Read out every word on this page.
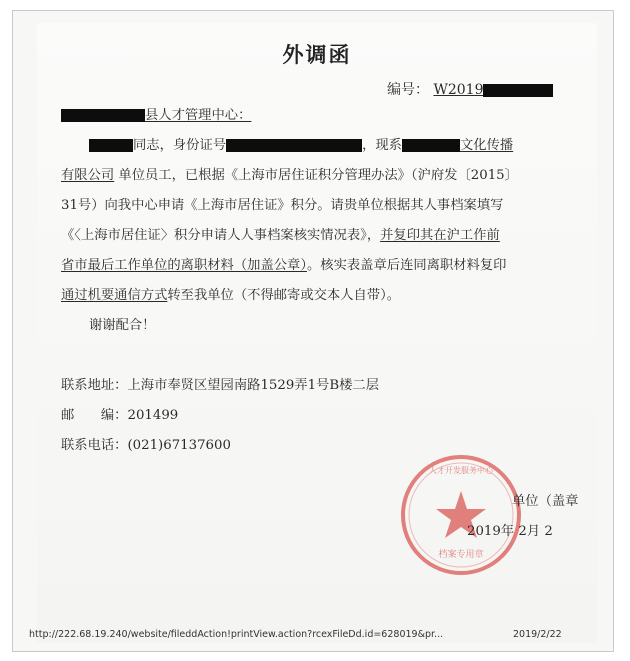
外调函
编号： W2019
县人才管理中心：
同志，身份证号	，现系	文化传播
有限公司 单位员工，已根据《上海市居住证积分管理办法》（沪府发〔2015〕
31号）向我中心申请《上海市居住证》积分。请贵单位根据其人事档案填写
《〈上海市居住证〉积分申请人人事档案核实情况表》，并复印其在沪工作前
省市最后工作单位的离职材料（加盖公章）。核实表盖章后连同离职材料复印
通过机要通信方式转至我单位（不得邮寄或交本人自带）。
谢谢配合！
联系地址：上海市奉贤区望园南路1529弄1号B楼二层
邮　　编：201499
联系电话：(021)67137600
档案专用章
人才开发服务中心
单位（盖章
2019年 2月 2
http://222.68.19.240/website/fileddAction!printView.action?rcexFileDd.id=628019&pr...	2019/2/22
